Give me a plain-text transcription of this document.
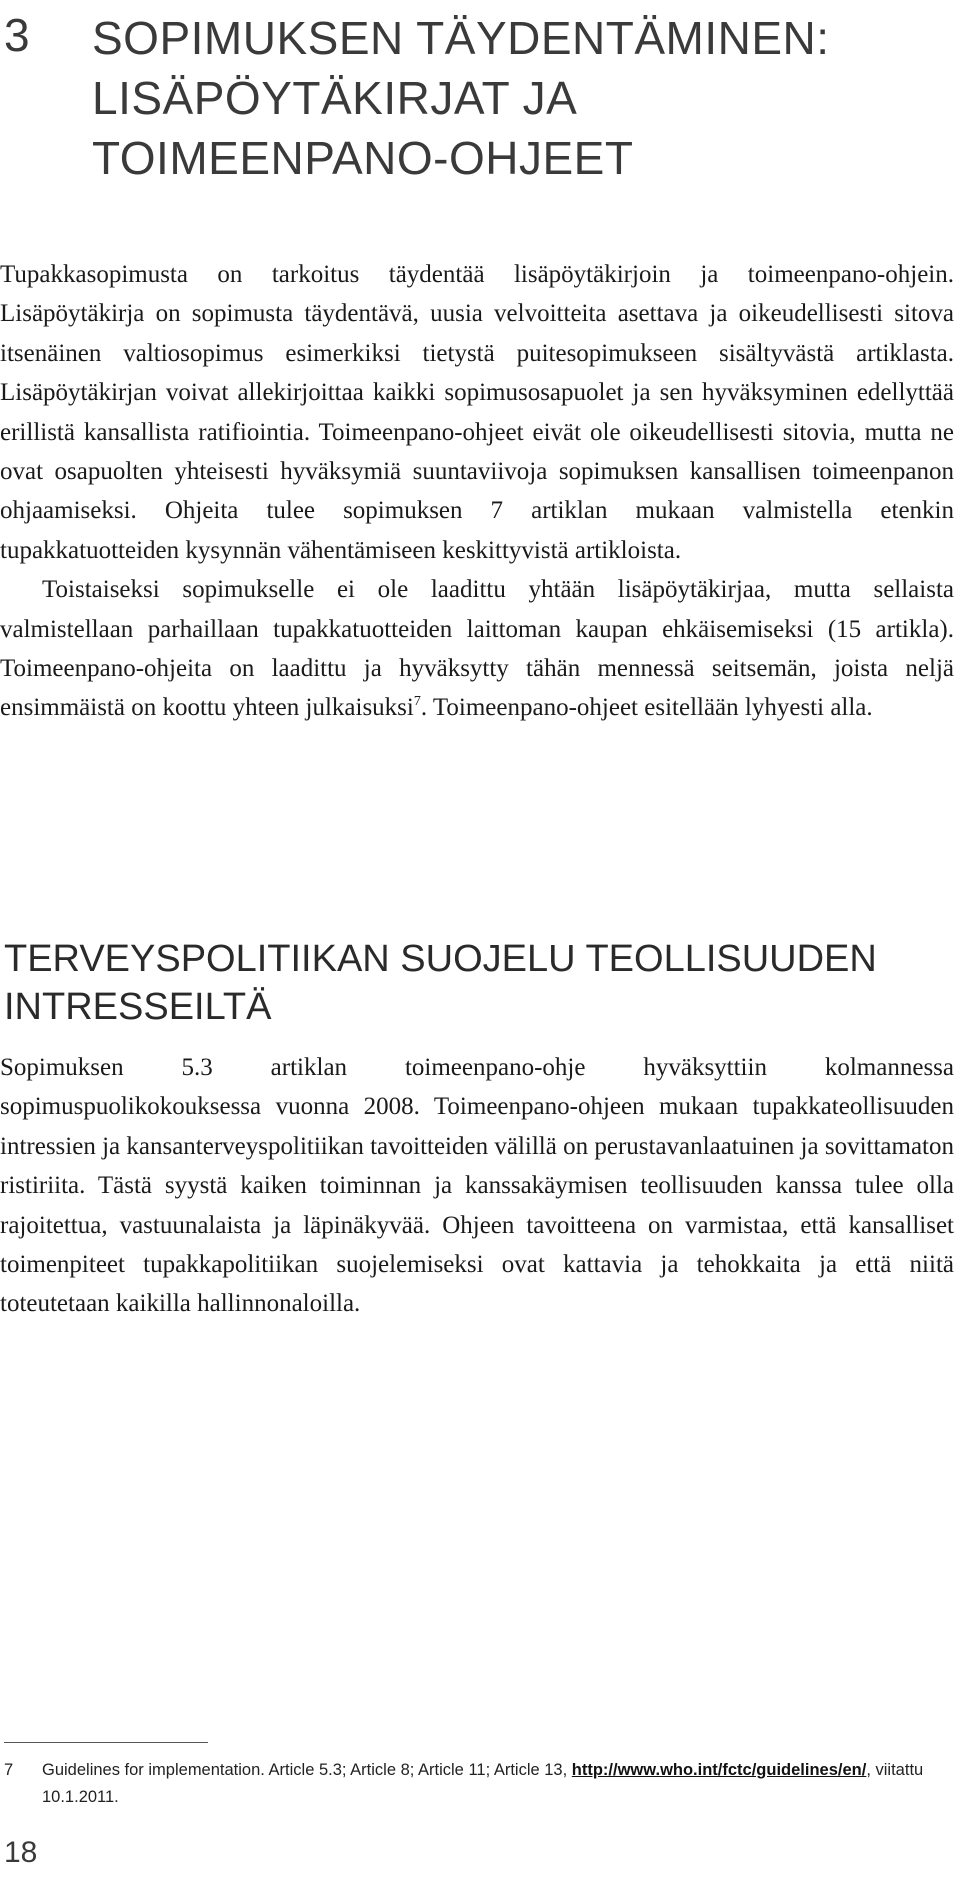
3 SOPIMUKSEN TÄYDENTÄMINEN:
LISÄPÖYTÄKIRJAT JA
TOIMEENPANO-OHJEET

Tupakkasopimusta on tarkoitus täydentää lisäpöytäkirjoin ja toimeenpano-ohjein. Lisäpöytäkirja on sopimusta täydentävä, uusia velvoitteita asettava ja oikeudellisesti sitova itsenäinen valtiosopimus esimerkiksi tietystä puitesopimukseen sisältyvästä artiklasta. Lisäpöytäkirjan voivat allekirjoittaa kaikki sopimusosapuolet ja sen hyväksyminen edellyttää erillistä kansallista ratifiointia. Toimeenpano-ohjeet eivät ole oikeudellisesti sitovia, mutta ne ovat osapuolten yhteisesti hyväksymiä suuntaviivoja sopimuksen kansallisen toimeenpanon ohjaamiseksi. Ohjeita tulee sopimuksen 7 artiklan mukaan valmistella etenkin tupakkatuotteiden kysynnän vähentämiseen keskittyvistä artikloista.

Toistaiseksi sopimukselle ei ole laadittu yhtään lisäpöytäkirjaa, mutta sellaista valmistellaan parhaillaan tupakkatuotteiden laittoman kaupan ehkäisemiseksi (15 artikla). Toimeenpano-ohjeita on laadittu ja hyväksytty tähän mennessä seitsemän, joista neljä ensimmäistä on koottu yhteen julkaisuksi$^7$. Toimeenpano-ohjeet esitellään lyhyesti alla.

TERVEYSPOLITIIKAN SUOJELU TEOLLISUUDEN
INTRESSEILTÄ

Sopimuksen 5.3 artiklan toimeenpano-ohje hyväksyttiin kolmannessa sopimuspuolikokouksessa vuonna 2008. Toimeenpano-ohjeen mukaan tupakkateollisuuden intressien ja kansanterveyspolitiikan tavoitteiden välillä on perustavanlaatuinen ja sovittamaton ristiriita. Tästä syystä kaiken toiminnan ja kanssakäymisen teollisuuden kanssa tulee olla rajoitettua, vastuunalaista ja läpinäkyvää. Ohjeen tavoitteena on varmistaa, että kansalliset toimenpiteet tupakkapolitiikan suojelemiseksi ovat kattavia ja tehokkaita ja että niitä toteutetaan kaikilla hallinnonaloilla.

7 Guidelines for implementation. Article 5.3; Article 8; Article 11; Article 13, http://www.who.int/fctc/guidelines/en/, viitattu 10.1.2011.
18
